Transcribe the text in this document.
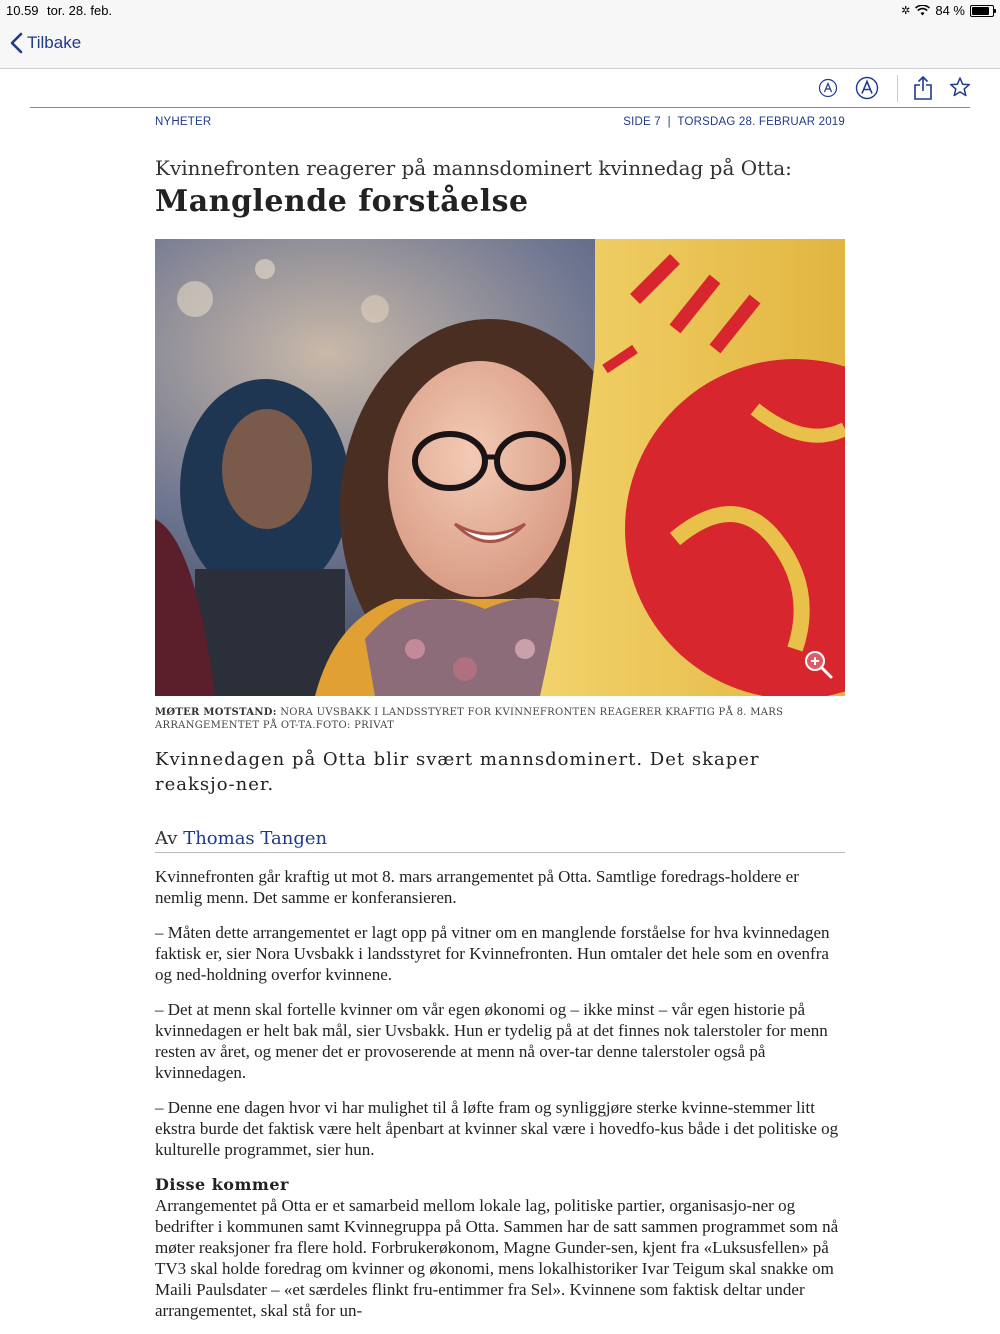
10.59 tor. 28. feb.	✲ 84 %
Tilbake
NYHETER	SIDE 7  |  TORSDAG 28. FEBRUAR 2019
Kvinnefronten reagerer på mannsdominert kvinnedag på Otta:
Manglende forståelse
MØTER MOTSTAND: NORA UVSBAKK I LANDSSTYRET FOR KVINNEFRONTEN REAGERER KRAFTIG PÅ 8. MARS ARRANGEMENTET PÅ OT-TA.FOTO: PRIVAT
Kvinnedagen på Otta blir svært mannsdominert. Det skaper reaksjo-ner.
Av Thomas Tangen

Kvinnefronten går kraftig ut mot 8. mars arrangementet på Otta. Samtlige foredrags-holdere er nemlig menn. Det samme er konferansieren.

– Måten dette arrangementet er lagt opp på vitner om en manglende forståelse for hva kvinnedagen faktisk er, sier Nora Uvsbakk i landsstyret for Kvinnefronten. Hun omtaler det hele som en ovenfra og ned-holdning overfor kvinnene.

– Det at menn skal fortelle kvinner om vår egen økonomi og – ikke minst – vår egen historie på kvinnedagen er helt bak mål, sier Uvsbakk. Hun er tydelig på at det finnes nok talerstoler for menn resten av året, og mener det er provoserende at menn nå over-tar denne talerstoler også på kvinnedagen.

– Denne ene dagen hvor vi har mulighet til å løfte fram og synliggjøre sterke kvinne-stemmer litt ekstra burde det faktisk være helt åpenbart at kvinner skal være i hovedfo-kus både i det politiske og kulturelle programmet, sier hun.

Disse kommer

Arrangementet på Otta er et samarbeid mellom lokale lag, politiske partier, organisasjo-ner og bedrifter i kommunen samt Kvinnegruppa på Otta. Sammen har de satt sammen programmet som nå møter reaksjoner fra flere hold. Forbrukerøkonom, Magne Gunder-sen, kjent fra «Luksusfellen» på TV3 skal holde foredrag om kvinner og økonomi, mens lokalhistoriker Ivar Teigum skal snakke om Maili Paulsdater – «et særdeles flinkt fru-entimmer fra Sel». Kvinnene som faktisk deltar under arrangementet, skal stå for un-
